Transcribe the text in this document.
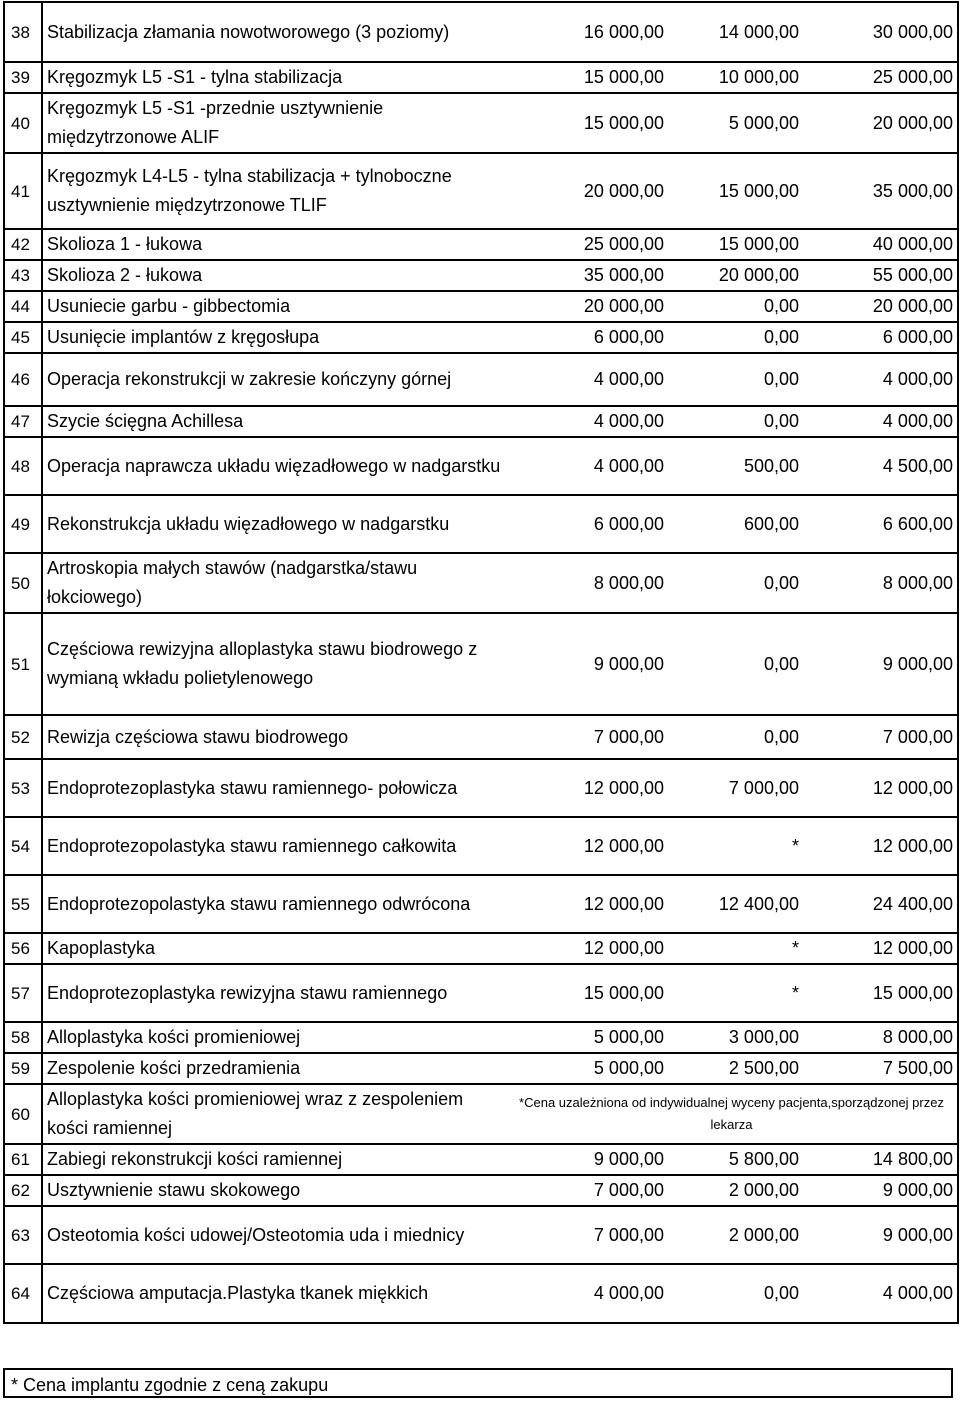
38	Stabilizacja złamania nowotworowego (3 poziomy)	16 000,00	14 000,00	30 000,00
39	Kręgozmyk L5 -S1 - tylna stabilizacja	15 000,00	10 000,00	25 000,00
40	Kręgozmyk L5 -S1 -przednie usztywnienie międzytrzonowe ALIF	15 000,00	5 000,00	20 000,00
41	Kręgozmyk L4-L5 - tylna stabilizacja + tylnoboczne usztywnienie międzytrzonowe TLIF	20 000,00	15 000,00	35 000,00
42	Skolioza 1 - łukowa	25 000,00	15 000,00	40 000,00
43	Skolioza 2 - łukowa	35 000,00	20 000,00	55 000,00
44	Usuniecie garbu - gibbectomia	20 000,00	0,00	20 000,00
45	Usunięcie implantów z kręgosłupa	6 000,00	0,00	6 000,00
46	Operacja rekonstrukcji w zakresie kończyny górnej	4 000,00	0,00	4 000,00
47	Szycie ścięgna Achillesa	4 000,00	0,00	4 000,00
48	Operacja naprawcza układu więzadłowego w nadgarstku	4 000,00	500,00	4 500,00
49	Rekonstrukcja układu więzadłowego w nadgarstku	6 000,00	600,00	6 600,00
50	Artroskopia małych stawów (nadgarstka/stawu łokciowego)	8 000,00	0,00	8 000,00
51	Częściowa rewizyjna alloplastyka stawu biodrowego z wymianą wkładu polietylenowego	9 000,00	0,00	9 000,00
52	Rewizja częściowa stawu biodrowego	7 000,00	0,00	7 000,00
53	Endoprotezoplastyka stawu ramiennego- połowicza	12 000,00	7 000,00	12 000,00
54	Endoprotezopolastyka stawu ramiennego całkowita	12 000,00	*	12 000,00
55	Endoprotezopolastyka stawu ramiennego odwrócona	12 000,00	12 400,00	24 400,00
56	Kapoplastyka	12 000,00	*	12 000,00
57	Endoprotezoplastyka rewizyjna stawu ramiennego	15 000,00	*	15 000,00
58	Alloplastyka kości promieniowej	5 000,00	3 000,00	8 000,00
59	Zespolenie kości przedramienia	5 000,00	2 500,00	7 500,00
60	Alloplastyka kości promieniowej wraz z zespoleniem kości ramiennej	*Cena uzależniona od indywidualnej wyceny pacjenta,sporządzonej przez lekarza		
61	Zabiegi rekonstrukcji kości ramiennej	9 000,00	5 800,00	14 800,00
62	Usztywnienie stawu skokowego	7 000,00	2 000,00	9 000,00
63	Osteotomia kości udowej/Osteotomia uda i miednicy	7 000,00	2 000,00	9 000,00
64	Częściowa amputacja.Plastyka tkanek miękkich	4 000,00	0,00	4 000,00
* Cena implantu zgodnie z ceną zakupu
